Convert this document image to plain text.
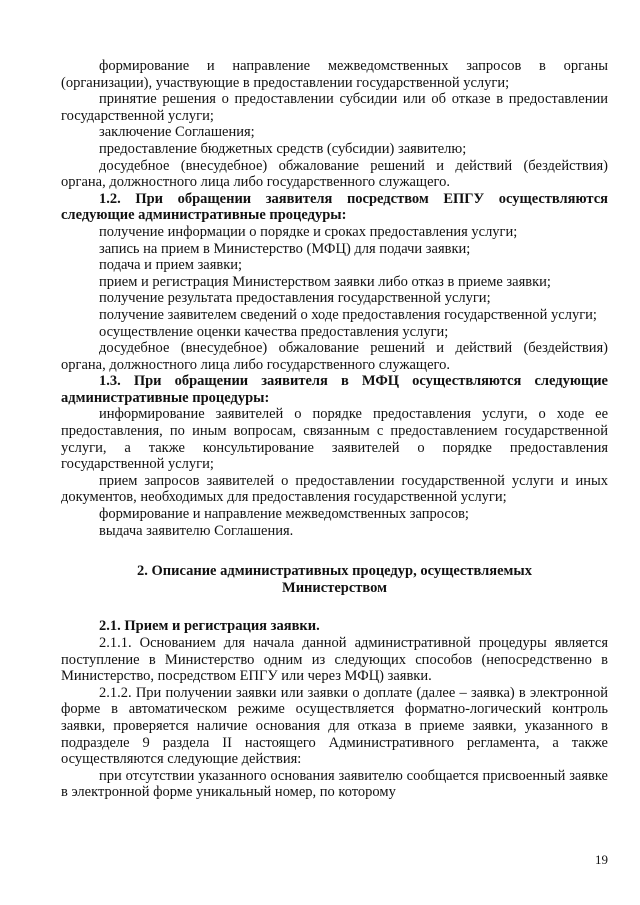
формирование и направление межведомственных запросов в органы (организации), участвующие в предоставлении государственной услуги;

принятие решения о предоставлении субсидии или об отказе в предоставлении государственной услуги;

заключение Соглашения;

предоставление бюджетных средств (субсидии) заявителю;

досудебное (внесудебное) обжалование решений и действий (бездействия) органа, должностного лица либо государственного служащего.

1.2. При обращении заявителя посредством ЕПГУ осуществляются следующие административные процедуры:

получение информации о порядке и сроках предоставления услуги;

запись на прием в Министерство (МФЦ) для подачи заявки;

подача и прием заявки;

прием и регистрация Министерством заявки либо отказ в приеме заявки;

получение результата предоставления государственной услуги;

получение заявителем сведений о ходе предоставления государственной услуги;

осуществление оценки качества предоставления услуги;

досудебное (внесудебное) обжалование решений и действий (бездействия) органа, должностного лица либо государственного служащего.

1.3. При обращении заявителя в МФЦ осуществляются следующие административные процедуры:

информирование заявителей о порядке предоставления услуги, о ходе ее предоставления, по иным вопросам, связанным с предоставлением государственной услуги, а также консультирование заявителей о порядке предоставления государственной услуги;

прием запросов заявителей о предоставлении государственной услуги и иных документов, необходимых для предоставления государственной услуги;

формирование и направление межведомственных запросов;

выдача заявителю Соглашения.

2. Описание административных процедур, осуществляемых

Министерством

2.1. Прием и регистрация заявки.

2.1.1. Основанием для начала данной административной процедуры является поступление в Министерство одним из следующих способов (непосредственно в Министерство, посредством ЕПГУ или через МФЦ) заявки.

2.1.2. При получении заявки или заявки о доплате (далее – заявка) в электронной форме в автоматическом режиме осуществляется форматно-логический контроль заявки, проверяется наличие основания для отказа в приеме заявки, указанного в подразделе 9 раздела II настоящего Административного регламента, а также осуществляются следующие действия:

при отсутствии указанного основания заявителю сообщается присвоенный заявке в электронной форме уникальный номер, по которому

19
